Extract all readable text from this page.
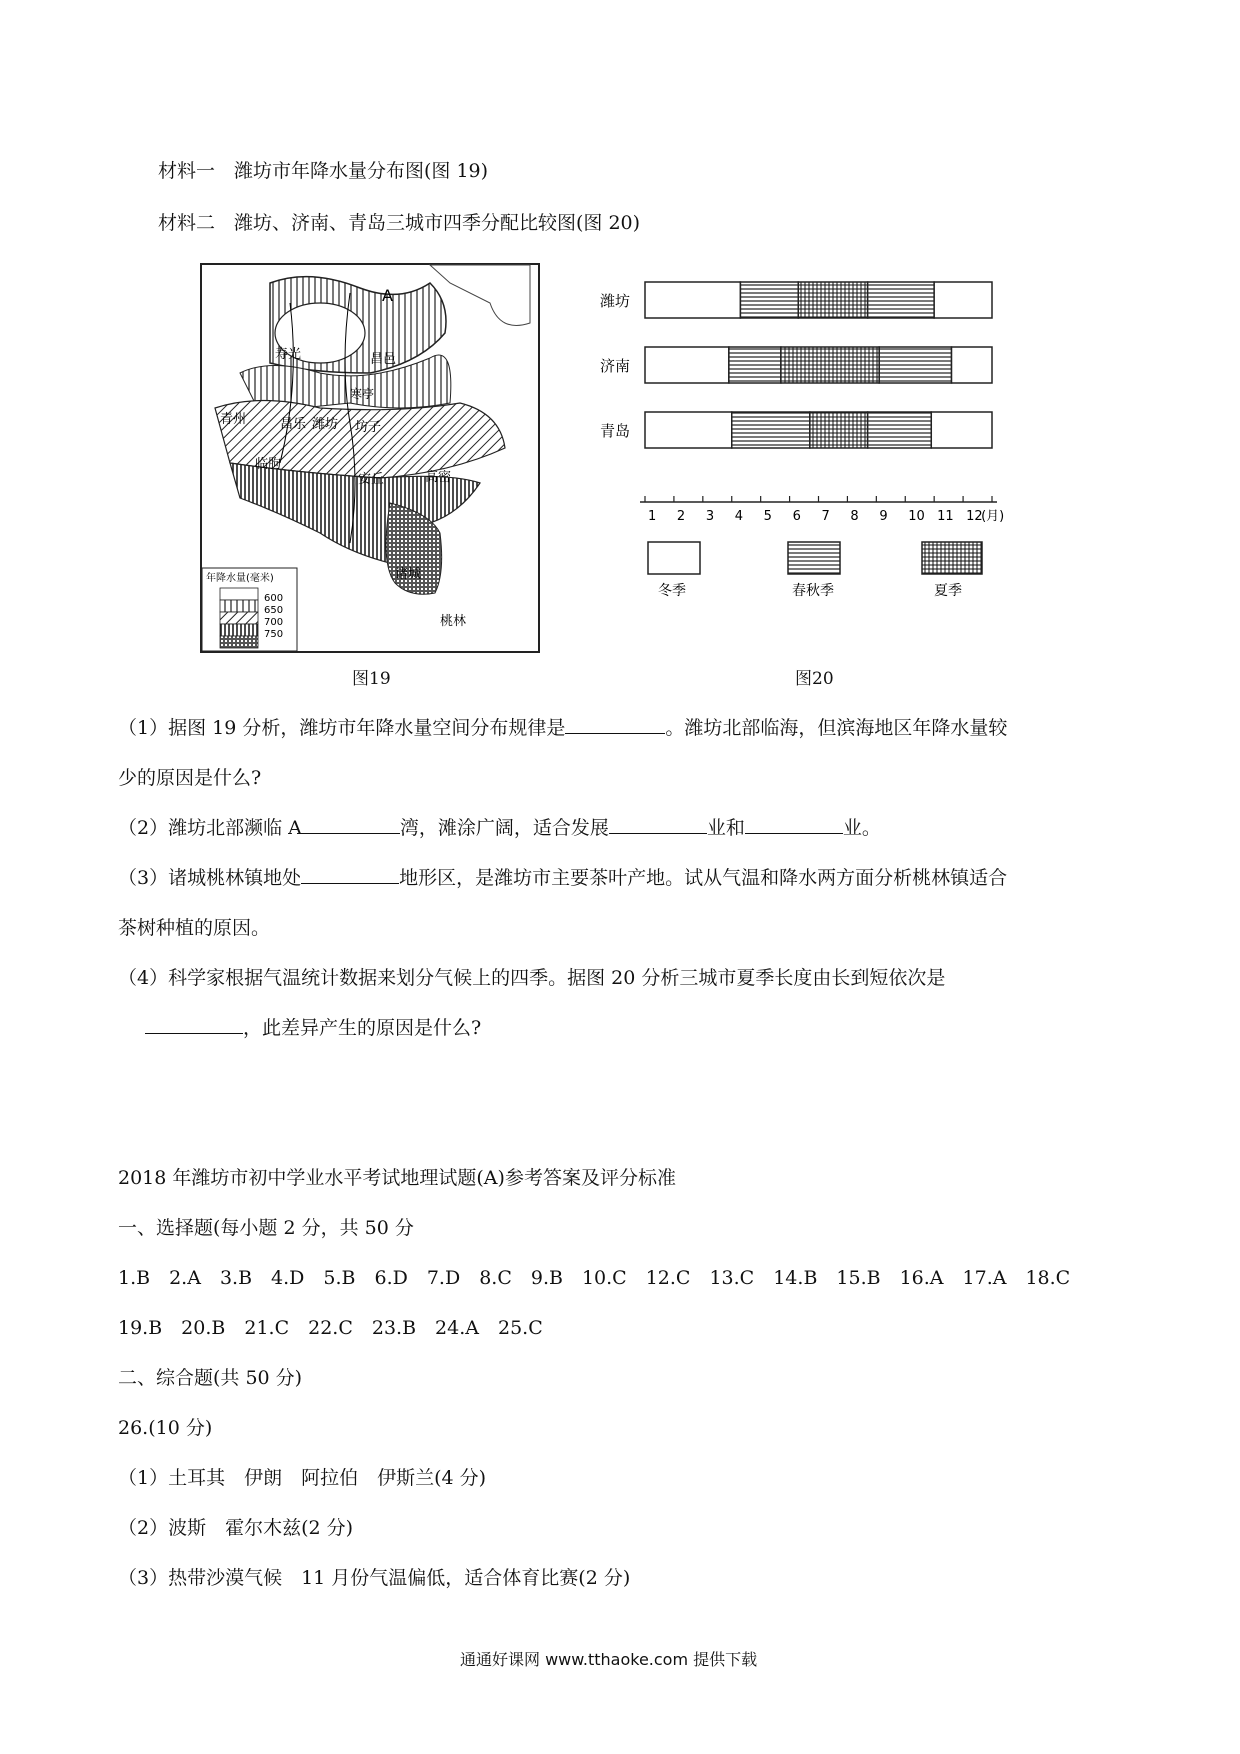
材料一  潍坊市年降水量分布图(图 19)
材料二  潍坊、济南、青岛三城市四季分配比较图(图 20)
A
寿光	昌邑
寒亭
青州	昌乐 潍坊 坊子
临朐
安丘	高密
诸城
桃林
年降水量(毫米)
600
650
700
750
图19
潍坊
济南
青岛
1 2 3 4 5 6 7 8 9 10 11 12
(月)
冬季	春秋季	夏季
图20
（1）据图 19 分析，潍坊市年降水量空间分布规律是	。潍坊北部临海，但滨海地区年降水量较
少的原因是什么?
（2）潍坊北部濒临 A	湾，滩涂广阔，适合发展	业和	业。
（3）诸城桃林镇地处	地形区，是潍坊市主要茶叶产地。试从气温和降水两方面分析桃林镇适合
茶树种植的原因。
（4）科学家根据气温统计数据来划分气候上的四季。据图 20 分析三城市夏季长度由长到短依次是
，此差异产生的原因是什么?
2018 年潍坊市初中学业水平考试地理试题(A)参考答案及评分标准
一、选择题(每小题 2 分，共 50 分
1.B　2.A　3.B　4.D　5.B　6.D　7.D　8.C　9.B　10.C　12.C　13.C　14.B　15.B　16.A　17.A　18.C
19.B　20.B　21.C　22.C　23.B　24.A　25.C
二、综合题(共 50 分)
26.(10 分)
（1）土耳其　伊朗　阿拉伯　伊斯兰(4 分)
（2）波斯　霍尔木兹(2 分)
（3）热带沙漠气候　11 月份气温偏低，适合体育比赛(2 分)
通通好课网 www.tthaoke.com 提供下载
